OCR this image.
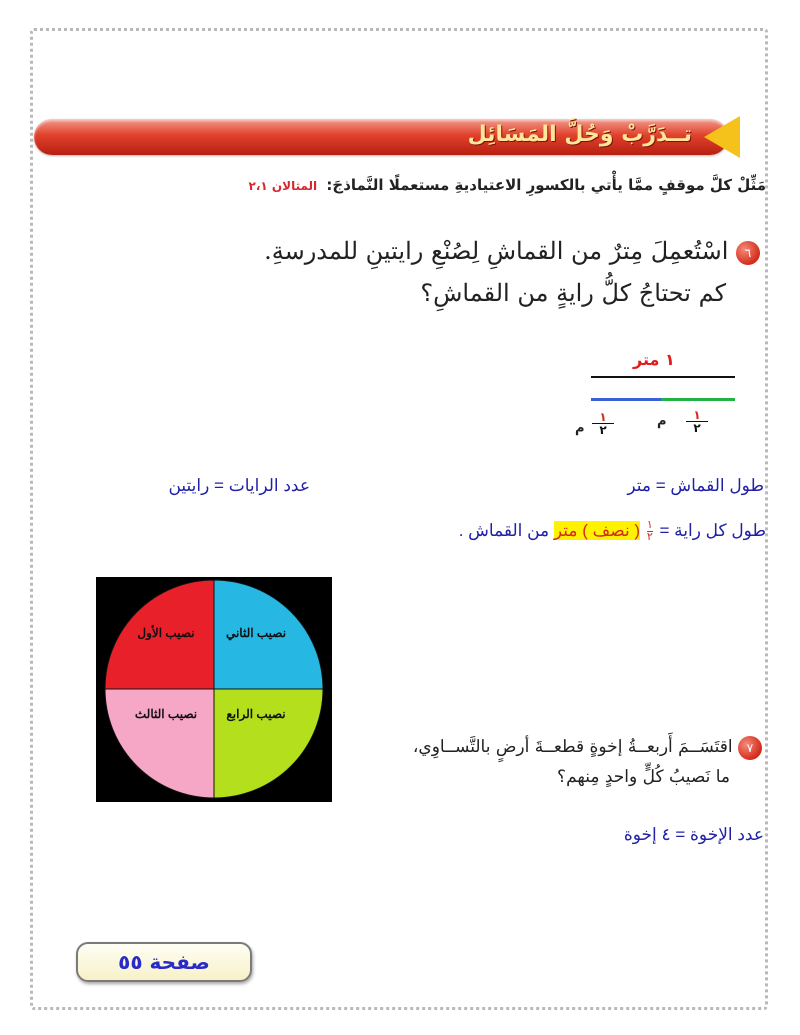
تــدَرَّبْ وَحُلَّ المَسَائِل
مَثِّلْ كلَّ موقفٍ ممَّا يأْتي بالكسورِ الاعتياديةِ مستعملًا النَّماذجَ: المثالان ٢،١
٦ اسْتُعمِلَ مِترٌ من القماشِ لِصُنْعِ رايتينِ للمدرسةِ.
كم تحتاجُ كلُّ رايةٍ من القماشِ؟
١ متر
م
١
٢
م	١
٢
طول القماش = متر
عدد الرايات = رايتين
طول كل راية = $\frac{١}{٢}$
( نصف ) متر من القماش .
نصيب الأول	نصيب الثاني
نصيب الثالث نصيب الرابع
٧ اقتَسَــمَ أَربعــةُ إخوةٍ قطعــةَ أرضٍ بالتَّســاوِي،
ما نَصيبُ كُلٍّ واحدٍ مِنهم؟
عدد الإخوة = ٤ إخوة
صفحة ٥٥
